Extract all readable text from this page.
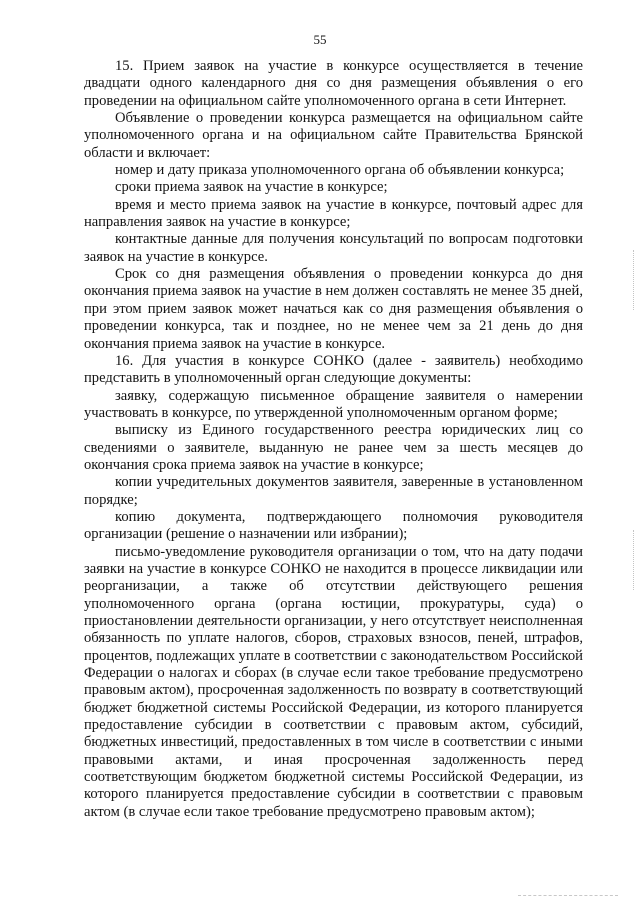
55

15. Прием заявок на участие в конкурсе осуществляется в течение двадцати одного календарного дня со дня размещения объявления о его проведении на официальном сайте уполномоченного органа в сети Интернет.

Объявление о проведении конкурса размещается на официальном сайте уполномоченного органа и на официальном сайте Правительства Брянской области и включает:

номер и дату приказа уполномоченного органа об объявлении конкурса;

сроки приема заявок на участие в конкурсе;

время и место приема заявок на участие в конкурсе, почтовый адрес для направления заявок на участие в конкурсе;

контактные данные для получения консультаций по вопросам подготовки заявок на участие в конкурсе.

Срок со дня размещения объявления о проведении конкурса до дня окончания приема заявок на участие в нем должен составлять не менее 35 дней, при этом прием заявок может начаться как со дня размещения объявления о проведении конкурса, так и позднее, но не менее чем за 21 день до дня окончания приема заявок на участие в конкурсе.

16. Для участия в конкурсе СОНКО (далее - заявитель) необходимо представить в уполномоченный орган следующие документы:

заявку, содержащую письменное обращение заявителя о намерении участвовать в конкурсе, по утвержденной уполномоченным органом форме;

выписку из Единого государственного реестра юридических лиц со сведениями о заявителе, выданную не ранее чем за шесть месяцев до окончания срока приема заявок на участие в конкурсе;

копии учредительных документов заявителя, заверенные в установленном порядке;

копию документа, подтверждающего полномочия руководителя организации (решение о назначении или избрании);

письмо-уведомление руководителя организации о том, что на дату подачи заявки на участие в конкурсе СОНКО не находится в процессе ликвидации или реорганизации, а также об отсутствии действующего решения уполномоченного органа (органа юстиции, прокуратуры, суда) о приостановлении деятельности организации, у него отсутствует неисполненная обязанность по уплате налогов, сборов, страховых взносов, пеней, штрафов, процентов, подлежащих уплате в соответствии с законодательством Российской Федерации о налогах и сборах (в случае если такое требование предусмотрено правовым актом), просроченная задолженность по возврату в соответствующий бюджет бюджетной системы Российской Федерации, из которого планируется предоставление субсидии в соответствии с правовым актом, субсидий, бюджетных инвестиций, предоставленных в том числе в соответствии с иными правовыми актами, и иная просроченная задолженность перед соответствующим бюджетом бюджетной системы Российской Федерации, из которого планируется предоставление субсидии в соответствии с правовым актом (в случае если такое требование предусмотрено правовым актом);
